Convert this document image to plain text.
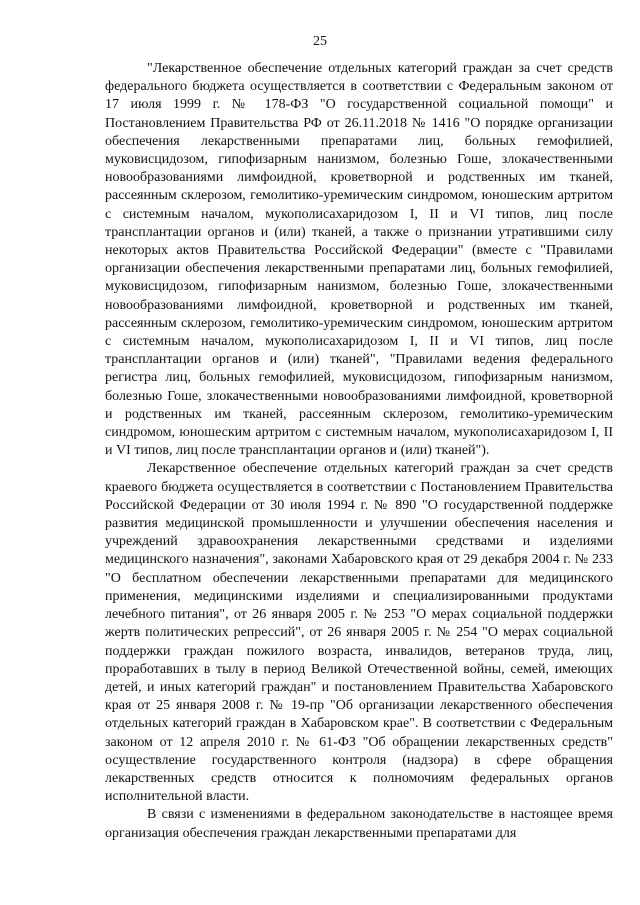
25

"Лекарственное обеспечение отдельных категорий граждан за счет средств федерального бюджета осуществляется в соответствии с Федеральным законом от 17 июля 1999 г. № 178-ФЗ "О государственной социальной помощи" и Постановлением Правительства РФ от 26.11.2018 № 1416 "О порядке организации обеспечения лекарственными препаратами лиц, больных гемофилией, муковисцидозом, гипофизарным нанизмом, болезнью Гоше, злокачественными новообразованиями лимфоидной, кроветворной и родственных им тканей, рассеянным склерозом, гемолитико-уремическим синдромом, юношеским артритом с системным началом, мукополисахаридозом I, II и VI типов, лиц после трансплантации органов и (или) тканей, а также о признании утратившими силу некоторых актов Правительства Российской Федерации" (вместе с "Правилами организации обеспечения лекарственными препаратами лиц, больных гемофилией, муковисцидозом, гипофизарным нанизмом, болезнью Гоше, злокачественными новообразованиями лимфоидной, кроветворной и родственных им тканей, рассеянным склерозом, гемолитико-уремическим синдромом, юношеским артритом с системным началом, мукополисахаридозом I, II и VI типов, лиц после трансплантации органов и (или) тканей", "Правилами ведения федерального регистра лиц, больных гемофилией, муковисцидозом, гипофизарным нанизмом, болезнью Гоше, злокачественными новообразованиями лимфоидной, кроветворной и родственных им тканей, рассеянным склерозом, гемолитико-уремическим синдромом, юношеским артритом с системным началом, мукополисахаридозом I, II и VI типов, лиц после трансплантации органов и (или) тканей").

Лекарственное обеспечение отдельных категорий граждан за счет средств краевого бюджета осуществляется в соответствии с Постановлением Правительства Российской Федерации от 30 июля 1994 г. № 890 "О государственной поддержке развития медицинской промышленности и улучшении обеспечения населения и учреждений здравоохранения лекарственными средствами и изделиями медицинского назначения", законами Хабаровского края от 29 декабря 2004 г. № 233 "О бесплатном обеспечении лекарственными препаратами для медицинского применения, медицинскими изделиями и специализированными продуктами лечебного питания", от 26 января 2005 г. № 253 "О мерах социальной поддержки жертв политических репрессий", от 26 января 2005 г. № 254 "О мерах социальной поддержки граждан пожилого возраста, инвалидов, ветеранов труда, лиц, проработавших в тылу в период Великой Отечественной войны, семей, имеющих детей, и иных категорий граждан" и постановлением Правительства Хабаровского края от 25 января 2008 г. № 19-пр "Об организации лекарственного обеспечения отдельных категорий граждан в Хабаровском крае". В соответствии с Федеральным законом от 12 апреля 2010 г. № 61-ФЗ "Об обращении лекарственных средств" осуществление государственного контроля (надзора) в сфере обращения лекарственных средств относится к полномочиям федеральных органов исполнительной власти.

В связи с изменениями в федеральном законодательстве в настоящее время организация обеспечения граждан лекарственными препаратами для
